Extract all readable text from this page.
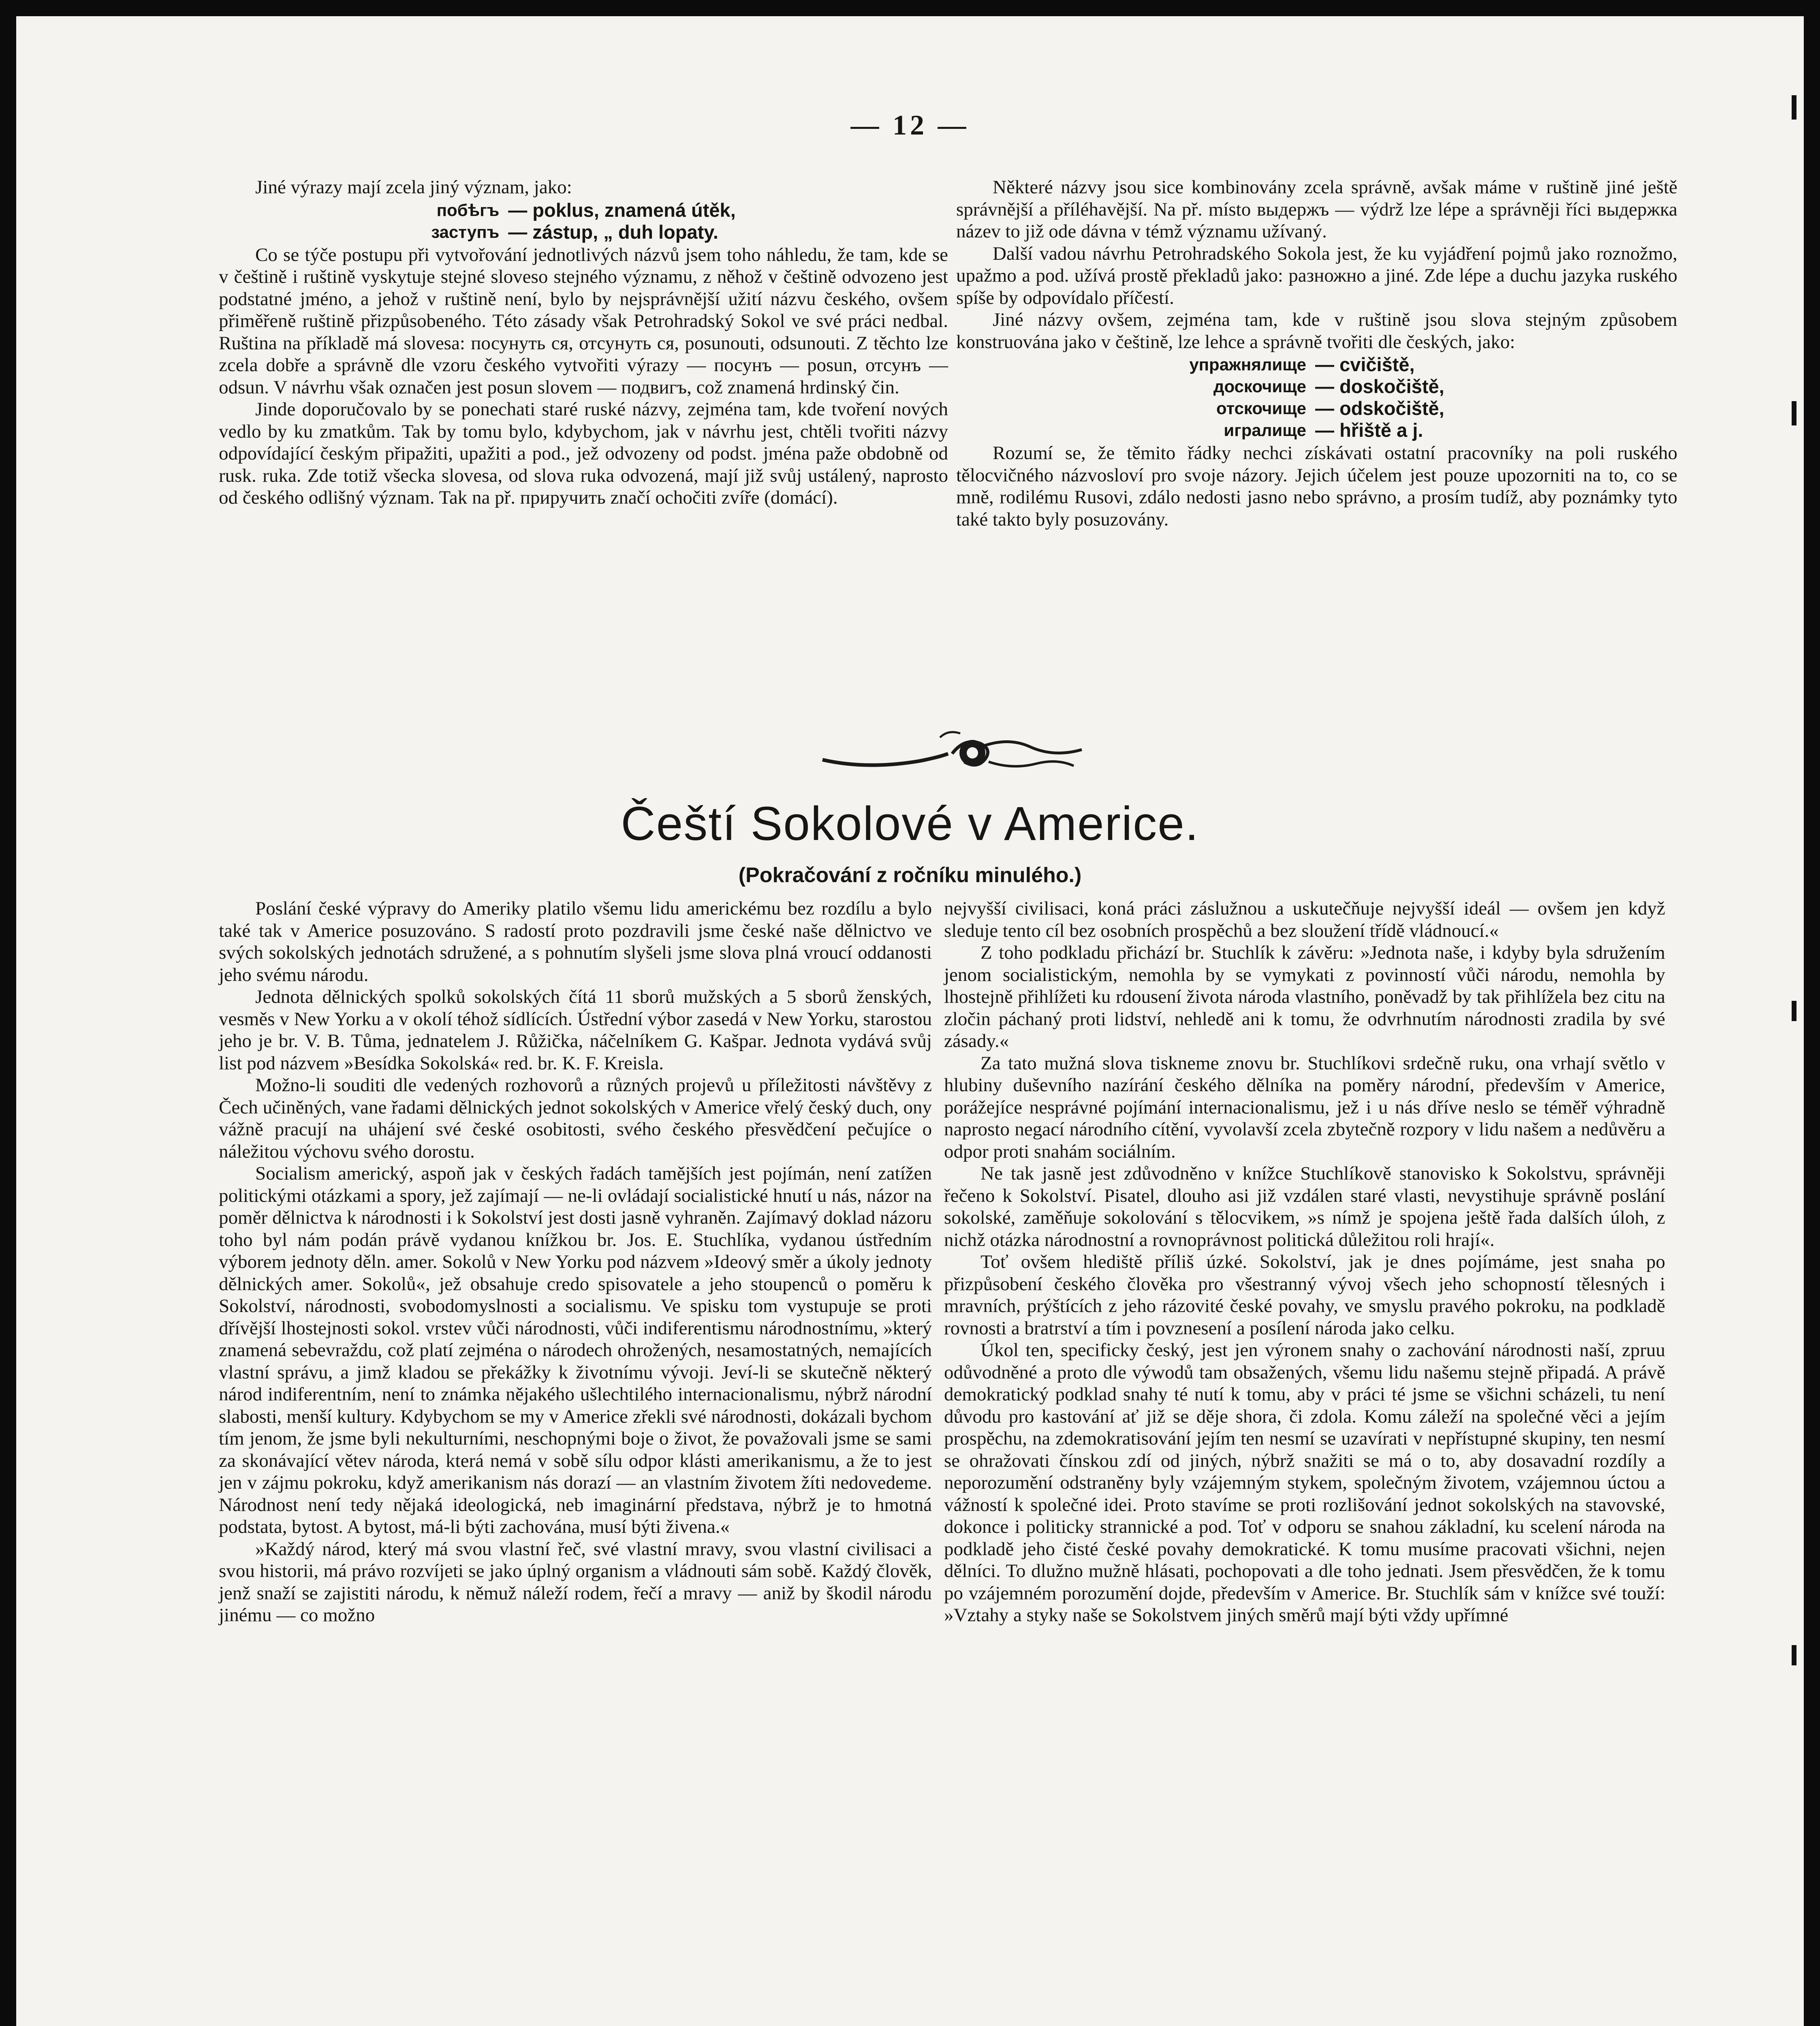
— 12 —

Jiné výrazy mají zcela jiný význam, jako:

побѣгъ
заступъ
— poklus, znamená útěk,
— zástup, „ duh lopaty.

Co se týče postupu při vytvořování jednotlivých názvů jsem toho náhledu, že tam, kde se v češtině i ruštině vyskytuje stejné sloveso stejného významu, z něhož v češtině odvozeno jest podstatné jméno, a jehož v ruštině není, bylo by nejsprávnější užití názvu českého, ovšem přiměřeně ruštině přizpůsobeného. Této zásady však Petrohradský Sokol ve své práci nedbal. Ruština na příkladě má slovesa: посунуть ся, отсунуть ся, posunouti, odsunouti. Z těchto lze zcela dobře a správně dle vzoru českého vytvořiti výrazy — посунъ — posun, отсунъ — odsun. V návrhu však označen jest posun slovem — подвигъ, což znamená hrdinský čin.

Jinde doporučovalo by se ponechati staré ruské názvy, zejména tam, kde tvoření nových vedlo by ku zmatkům. Tak by tomu bylo, kdybychom, jak v návrhu jest, chtěli tvořiti názvy odpovídající českým připažiti, upažiti a pod., jež odvozeny od podst. jména paže obdobně od rusk. ruka. Zde totiž všecka slovesa, od slova ruka odvozená, mají již svůj ustálený, naprosto od českého odlišný význam. Tak na př. приручить značí ochočiti zvíře (domácí).

Některé názvy jsou sice kombinovány zcela správně, avšak máme v ruštině jiné ještě správnější a příléhavější. Na př. místo выдержъ — výdrž lze lépe a správněji říci выдержка název to již ode dávna v témž významu užívaný.

Další vadou návrhu Petrohradského Sokola jest, že ku vyjádření pojmů jako roznožmo, upažmo a pod. užívá prostě překladů jako: разножно a jiné. Zde lépe a duchu jazyka ruského spíše by odpovídalo příčestí.

Jiné názvy ovšem, zejména tam, kde v ruštině jsou slova stejným způsobem konstruována jako v češtině, lze lehce a správně tvořiti dle českých, jako:

упражнялище
доскочище
отскочище
игралище
— cvičiště,
— doskočiště,
— odskočiště,
— hřiště a j.

Rozumí se, že těmito řádky nechci získávati ostatní pracovníky na poli ruského tělocvičného názvosloví pro svoje názory. Jejich účelem jest pouze upozorniti na to, co se mně, rodilému Rusovi, zdálo nedosti jasno nebo správno, a prosím tudíž, aby poznámky tyto také takto byly posuzovány.

Čeští Sokolové v Americe.
(Pokračování z ročníku minulého.)

Poslání české výpravy do Ameriky platilo všemu lidu americkému bez rozdílu a bylo také tak v Americe posuzováno. S radostí proto pozdravili jsme české naše dělnictvo ve svých sokolských jednotách sdružené, a s pohnutím slyšeli jsme slova plná vroucí oddanosti jeho svému národu.

Jednota dělnických spolků sokolských čítá 11 sborů mužských a 5 sborů ženských, vesměs v New Yorku a v okolí téhož sídlících. Ústřední výbor zasedá v New Yorku, starostou jeho je br. V. B. Tůma, jednatelem J. Růžička, náčelníkem G. Kašpar. Jednota vydává svůj list pod názvem »Besídka Sokolská« red. br. K. F. Kreisla.

Možno-li souditi dle vedených rozhovorů a různých projevů u příležitosti návštěvy z Čech učiněných, vane řadami dělnických jednot sokolských v Americe vřelý český duch, ony vážně pracují na uhájení své české osobitosti, svého českého přesvědčení pečujíce o náležitou výchovu svého dorostu.

Socialism americký, aspoň jak v českých řadách tamějších jest pojímán, není zatížen politickými otázkami a spory, jež zajímají — ne-li ovládají socialistické hnutí u nás, názor na poměr dělnictva k národnosti i k Sokolství jest dosti jasně vyhraněn. Zajímavý doklad názoru toho byl nám podán právě vydanou knížkou br. Jos. E. Stuchlíka, vydanou ústředním výborem jednoty děln. amer. Sokolů v New Yorku pod názvem »Ideový směr a úkoly jednoty dělnických amer. Sokolů«, jež obsahuje credo spisovatele a jeho stoupenců o poměru k Sokolství, národnosti, svobodomyslnosti a socialismu. Ve spisku tom vystupuje se proti dřívější lhostejnosti sokol. vrstev vůči národnosti, vůči indiferentismu národnostnímu, »který znamená sebevraždu, což platí zejména o národech ohrožených, nesamostatných, nemajících vlastní správu, a jimž kladou se překážky k životnímu vývoji. Jeví-li se skutečně některý národ indiferentním, není to známka nějakého ušlechtilého internacionalismu, nýbrž národní slabosti, menší kultury. Kdybychom se my v Americe zřekli své národnosti, dokázali bychom tím jenom, že jsme byli nekulturními, neschopnými boje o život, že považovali jsme se sami za skonávající větev národa, která nemá v sobě sílu odpor klásti amerikanismu, a že to jest jen v zájmu pokroku, když amerikanism nás dorazí — an vlastním životem žíti nedovedeme. Národnost není tedy nějaká ideologická, neb imaginární představa, nýbrž je to hmotná podstata, bytost. A bytost, má-li býti zachována, musí býti živena.«

»Každý národ, který má svou vlastní řeč, své vlastní mravy, svou vlastní civilisaci a svou historii, má právo rozvíjeti se jako úplný organism a vládnouti sám sobě. Každý člověk, jenž snaží se zajistiti národu, k němuž náleží rodem, řečí a mravy — aniž by škodil národu jinému — co možno

nejvyšší civilisaci, koná práci záslužnou a uskutečňuje nejvyšší ideál — ovšem jen když sleduje tento cíl bez osobních prospěchů a bez sloužení třídě vládnoucí.«

Z toho podkladu přichází br. Stuchlík k závěru: »Jednota naše, i kdyby byla sdružením jenom socialistickým, nemohla by se vymykati z povinností vůči národu, nemohla by lhostejně přihlížeti ku rdousení života národa vlastního, poněvadž by tak přihlížela bez citu na zločin páchaný proti lidství, nehledě ani k tomu, že odvrhnutím národnosti zradila by své zásady.«

Za tato mužná slova tiskneme znovu br. Stuchlíkovi srdečně ruku, ona vrhají světlo v hlubiny duševního nazírání českého dělníka na poměry národní, především v Americe, porážejíce nesprávné pojímání internacionalismu, jež i u nás dříve neslo se téměř výhradně naprosto negací národního cítění, vyvolavší zcela zbytečně rozpory v lidu našem a nedůvěru a odpor proti snahám sociálním.

Ne tak jasně jest zdůvodněno v knížce Stuchlíkově stanovisko k Sokolstvu, správněji řečeno k Sokolství. Pisatel, dlouho asi již vzdálen staré vlasti, nevystihuje správně poslání sokolské, zaměňuje sokolování s tělocvikem, »s nímž je spojena ještě řada dalších úloh, z nichž otázka národnostní a rovnoprávnost politická důležitou roli hrají«.

Toť ovšem hlediště příliš úzké. Sokolství, jak je dnes pojímáme, jest snaha po přizpůsobení českého člověka pro všestranný vývoj všech jeho schopností tělesných i mravních, prýštících z jeho rázovité české povahy, ve smyslu pravého pokroku, na podkladě rovnosti a bratrství a tím i povznesení a posílení národa jako celku.

Úkol ten, specificky český, jest jen výronem snahy o zachování národnosti naší, zpruu odůvodněné a proto dle výwodů tam obsažených, všemu lidu našemu stejně připadá. A právě demokratický podklad snahy té nutí k tomu, aby v práci té jsme se všichni scházeli, tu není důvodu pro kastování ať již se děje shora, či zdola. Komu záleží na společné věci a jejím prospěchu, na zdemokratisování jejím ten nesmí se uzavírati v nepřístupné skupiny, ten nesmí se ohražovati čínskou zdí od jiných, nýbrž snažiti se má o to, aby dosavadní rozdíly a neporozumění odstraněny byly vzájemným stykem, společným životem, vzájemnou úctou a vážností k společné idei. Proto stavíme se proti rozlišování jednot sokolských na stavovské, dokonce i politicky strannické a pod. Toť v odporu se snahou základní, ku scelení národa na podkladě jeho čisté české povahy demokratické. K tomu musíme pracovati všichni, nejen dělníci. To dlužno mužně hlásati, pochopovati a dle toho jednati. Jsem přesvědčen, že k tomu po vzájemném porozumění dojde, především v Americe. Br. Stuchlík sám v knížce své touží: »Vztahy a styky naše se Sokolstvem jiných směrů mají býti vždy upřímné
